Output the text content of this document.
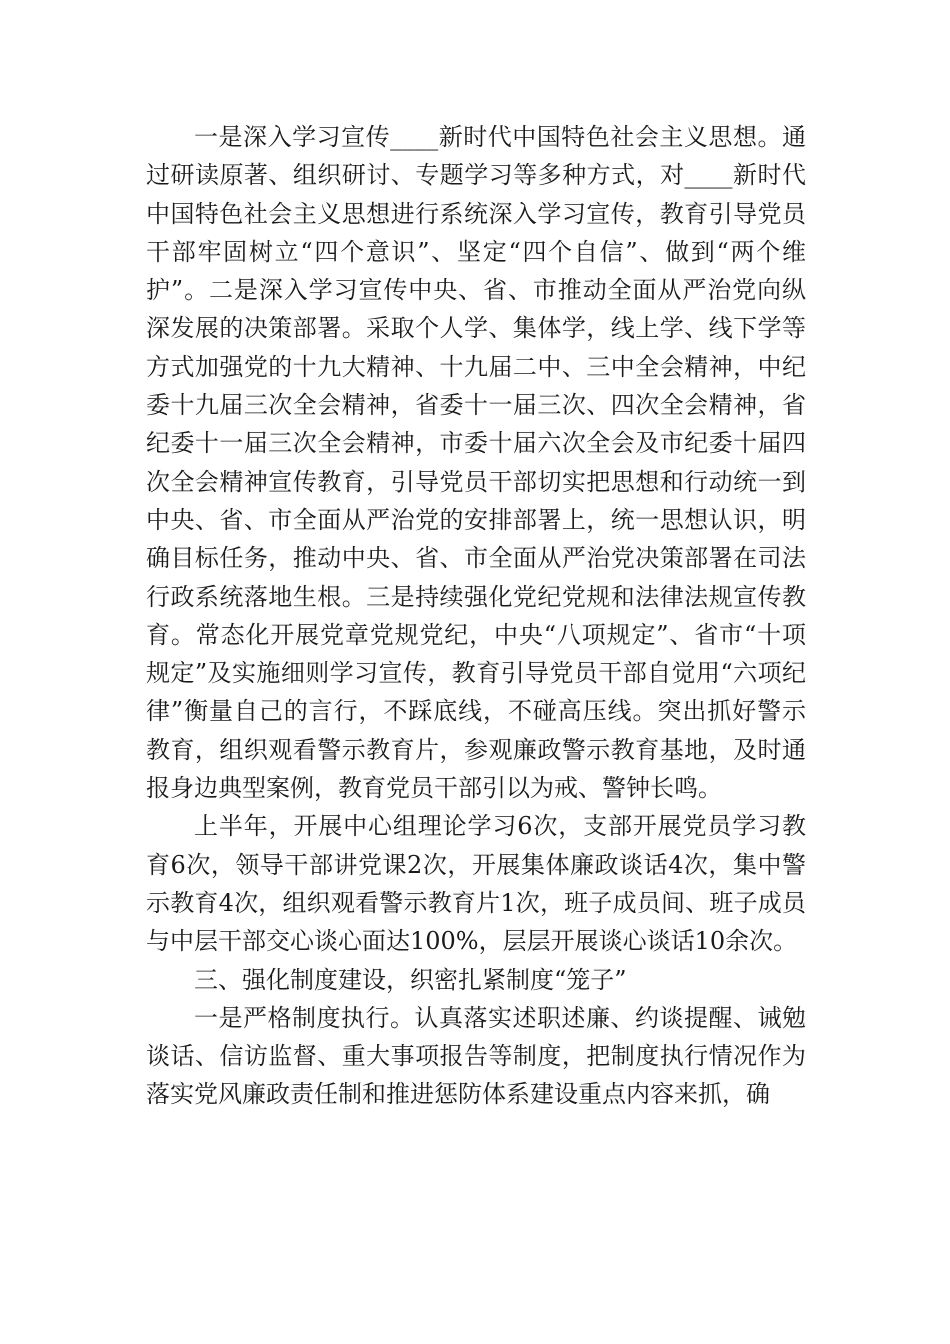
一是深入学习宣传____新时代中国特色社会主义思想。通过研读原著、组织研讨、专题学习等多种方式，对____新时代中国特色社会主义思想进行系统深入学习宣传，教育引导党员干部牢固树立“四个意识”、坚定“四个自信”、做到“两个维护”。二是深入学习宣传中央、省、市推动全面从严治党向纵深发展的决策部署。采取个人学、集体学，线上学、线下学等方式加强党的十九大精神、十九届二中、三中全会精神，中纪委十九届三次全会精神，省委十一届三次、四次全会精神，省纪委十一届三次全会精神，市委十届六次全会及市纪委十届四次全会精神宣传教育，引导党员干部切实把思想和行动统一到中央、省、市全面从严治党的安排部署上，统一思想认识，明确目标任务，推动中央、省、市全面从严治党决策部署在司法行政系统落地生根。三是持续强化党纪党规和法律法规宣传教育。常态化开展党章党规党纪，中央“八项规定”、省市“十项规定”及实施细则学习宣传，教育引导党员干部自觉用“六项纪律”衡量自己的言行，不踩底线，不碰高压线。突出抓好警示教育，组织观看警示教育片，参观廉政警示教育基地，及时通报身边典型案例，教育党员干部引以为戒、警钟长鸣。

上半年，开展中心组理论学习6次，支部开展党员学习教育6次，领导干部讲党课2次，开展集体廉政谈话4次，集中警示教育4次，组织观看警示教育片1次，班子成员间、班子成员与中层干部交心谈心面达100%，层层开展谈心谈话10余次。

三、强化制度建设，织密扎紧制度“笼子”

一是严格制度执行。认真落实述职述廉、约谈提醒、诫勉谈话、信访监督、重大事项报告等制度，把制度执行情况作为落实党风廉政责任制和推进惩防体系建设重点内容来抓，确
